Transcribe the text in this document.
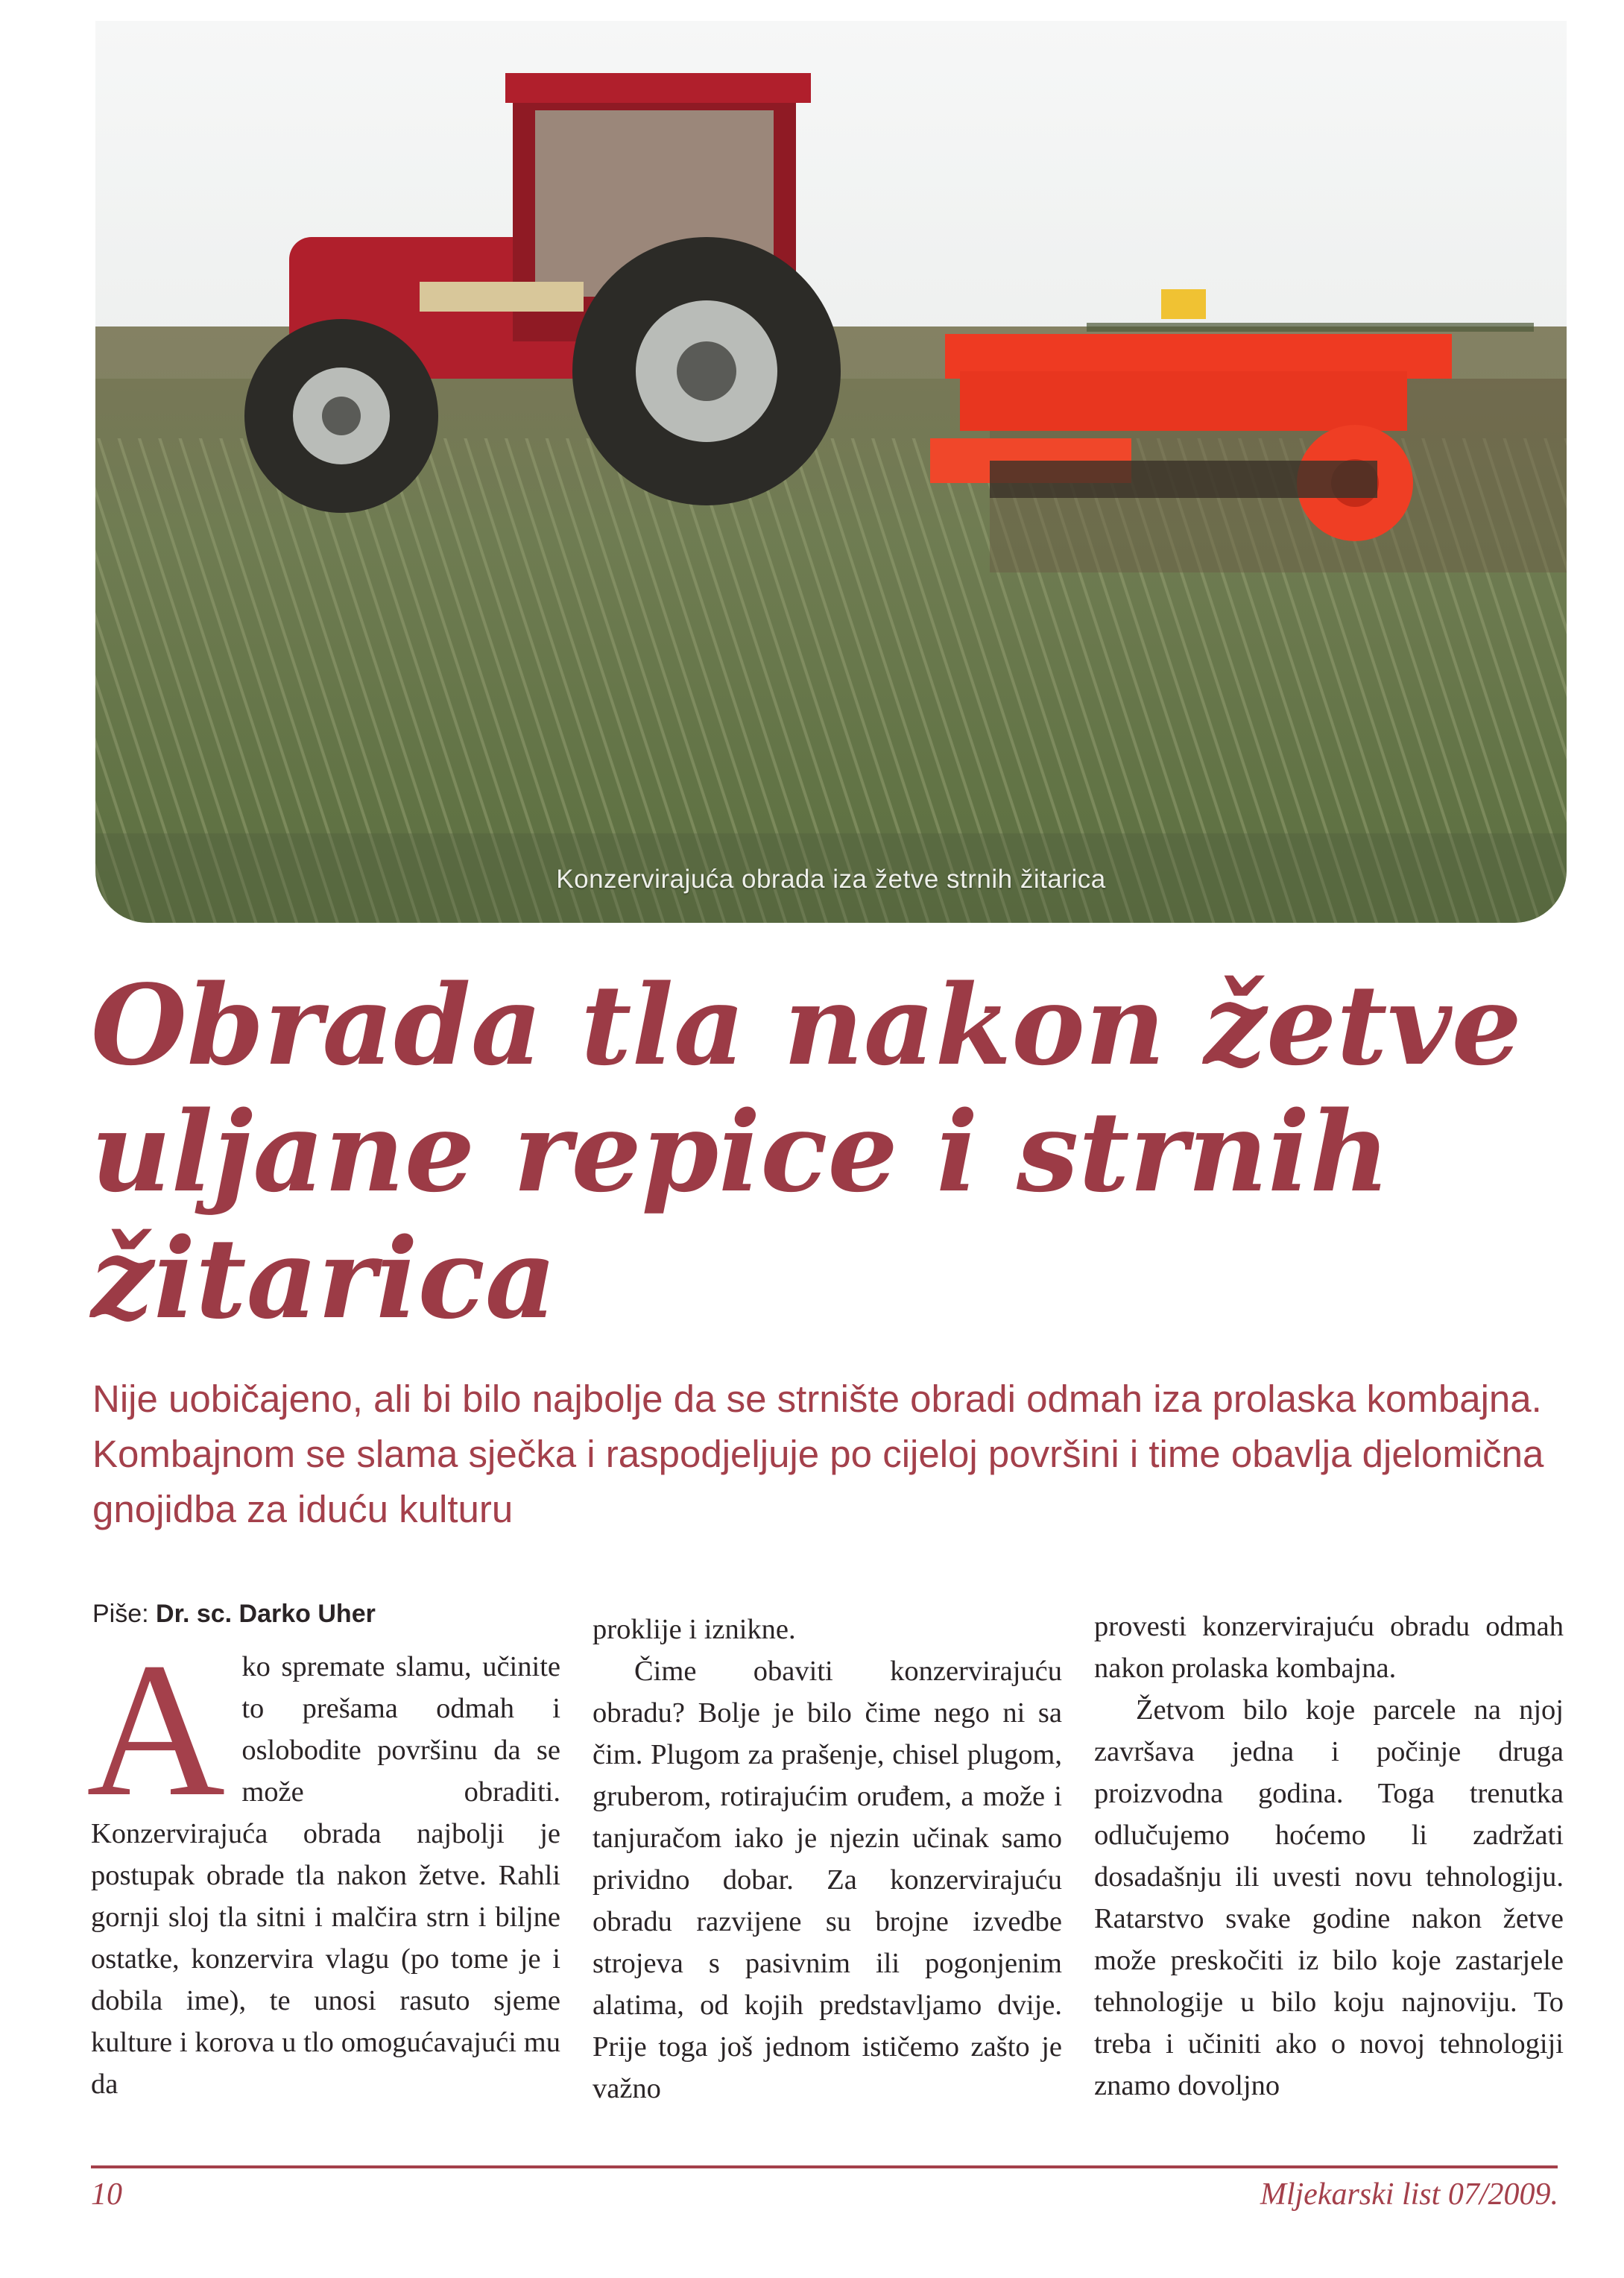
Konzervirajuća obrada iza žetve strnih žitarica
Obrada tla nakon žetve
uljane repice i strnih
žitarica

Nije uobičajeno, ali bi bilo najbolje da se strnište obradi odmah iza prolaska kombajna. Kombajnom se slama sječka i raspodjeljuje po cijeloj površini i time obavlja djelomična gnojidba za iduću kulturu

Piše: Dr. sc. Darko Uher
A ko spremate slamu, učinite to prešama odmah i oslobodite površinu da se može obraditi. Konzervirajuća obrada najbolji je postupak obrade tla nakon žetve. Rahli gornji sloj tla sitni i malčira strn i biljne ostatke, konzervira vlagu (po tome je i dobila ime), te unosi rasuto sjeme kulture i korova u tlo omogućavajući mu da

proklije i iznikne.

Čime obaviti konzervirajuću obradu? Bolje je bilo čime nego ni sa čim. Plugom za prašenje, chisel plugom, gruberom, rotirajućim oruđem, a može i tanjuračom iako je njezin učinak samo prividno dobar. Za konzervirajuću obradu razvijene su brojne izvedbe strojeva s pasivnim ili pogonjenim alatima, od kojih predstavljamo dvije. Prije toga još jednom ističemo zašto je važno

provesti konzervirajuću obradu odmah nakon prolaska kombajna.

Žetvom bilo koje parcele na njoj završava jedna i počinje druga proizvodna godina. Toga trenutka odlučujemo hoćemo li zadržati dosadašnju ili uvesti novu tehnologiju. Ratarstvo svake godine nakon žetve može preskočiti iz bilo koje zastarjele tehnologije u bilo koju najnoviju. To treba i učiniti ako o novoj tehnologiji znamo dovoljno

10	Mljekarski list 07/2009.
